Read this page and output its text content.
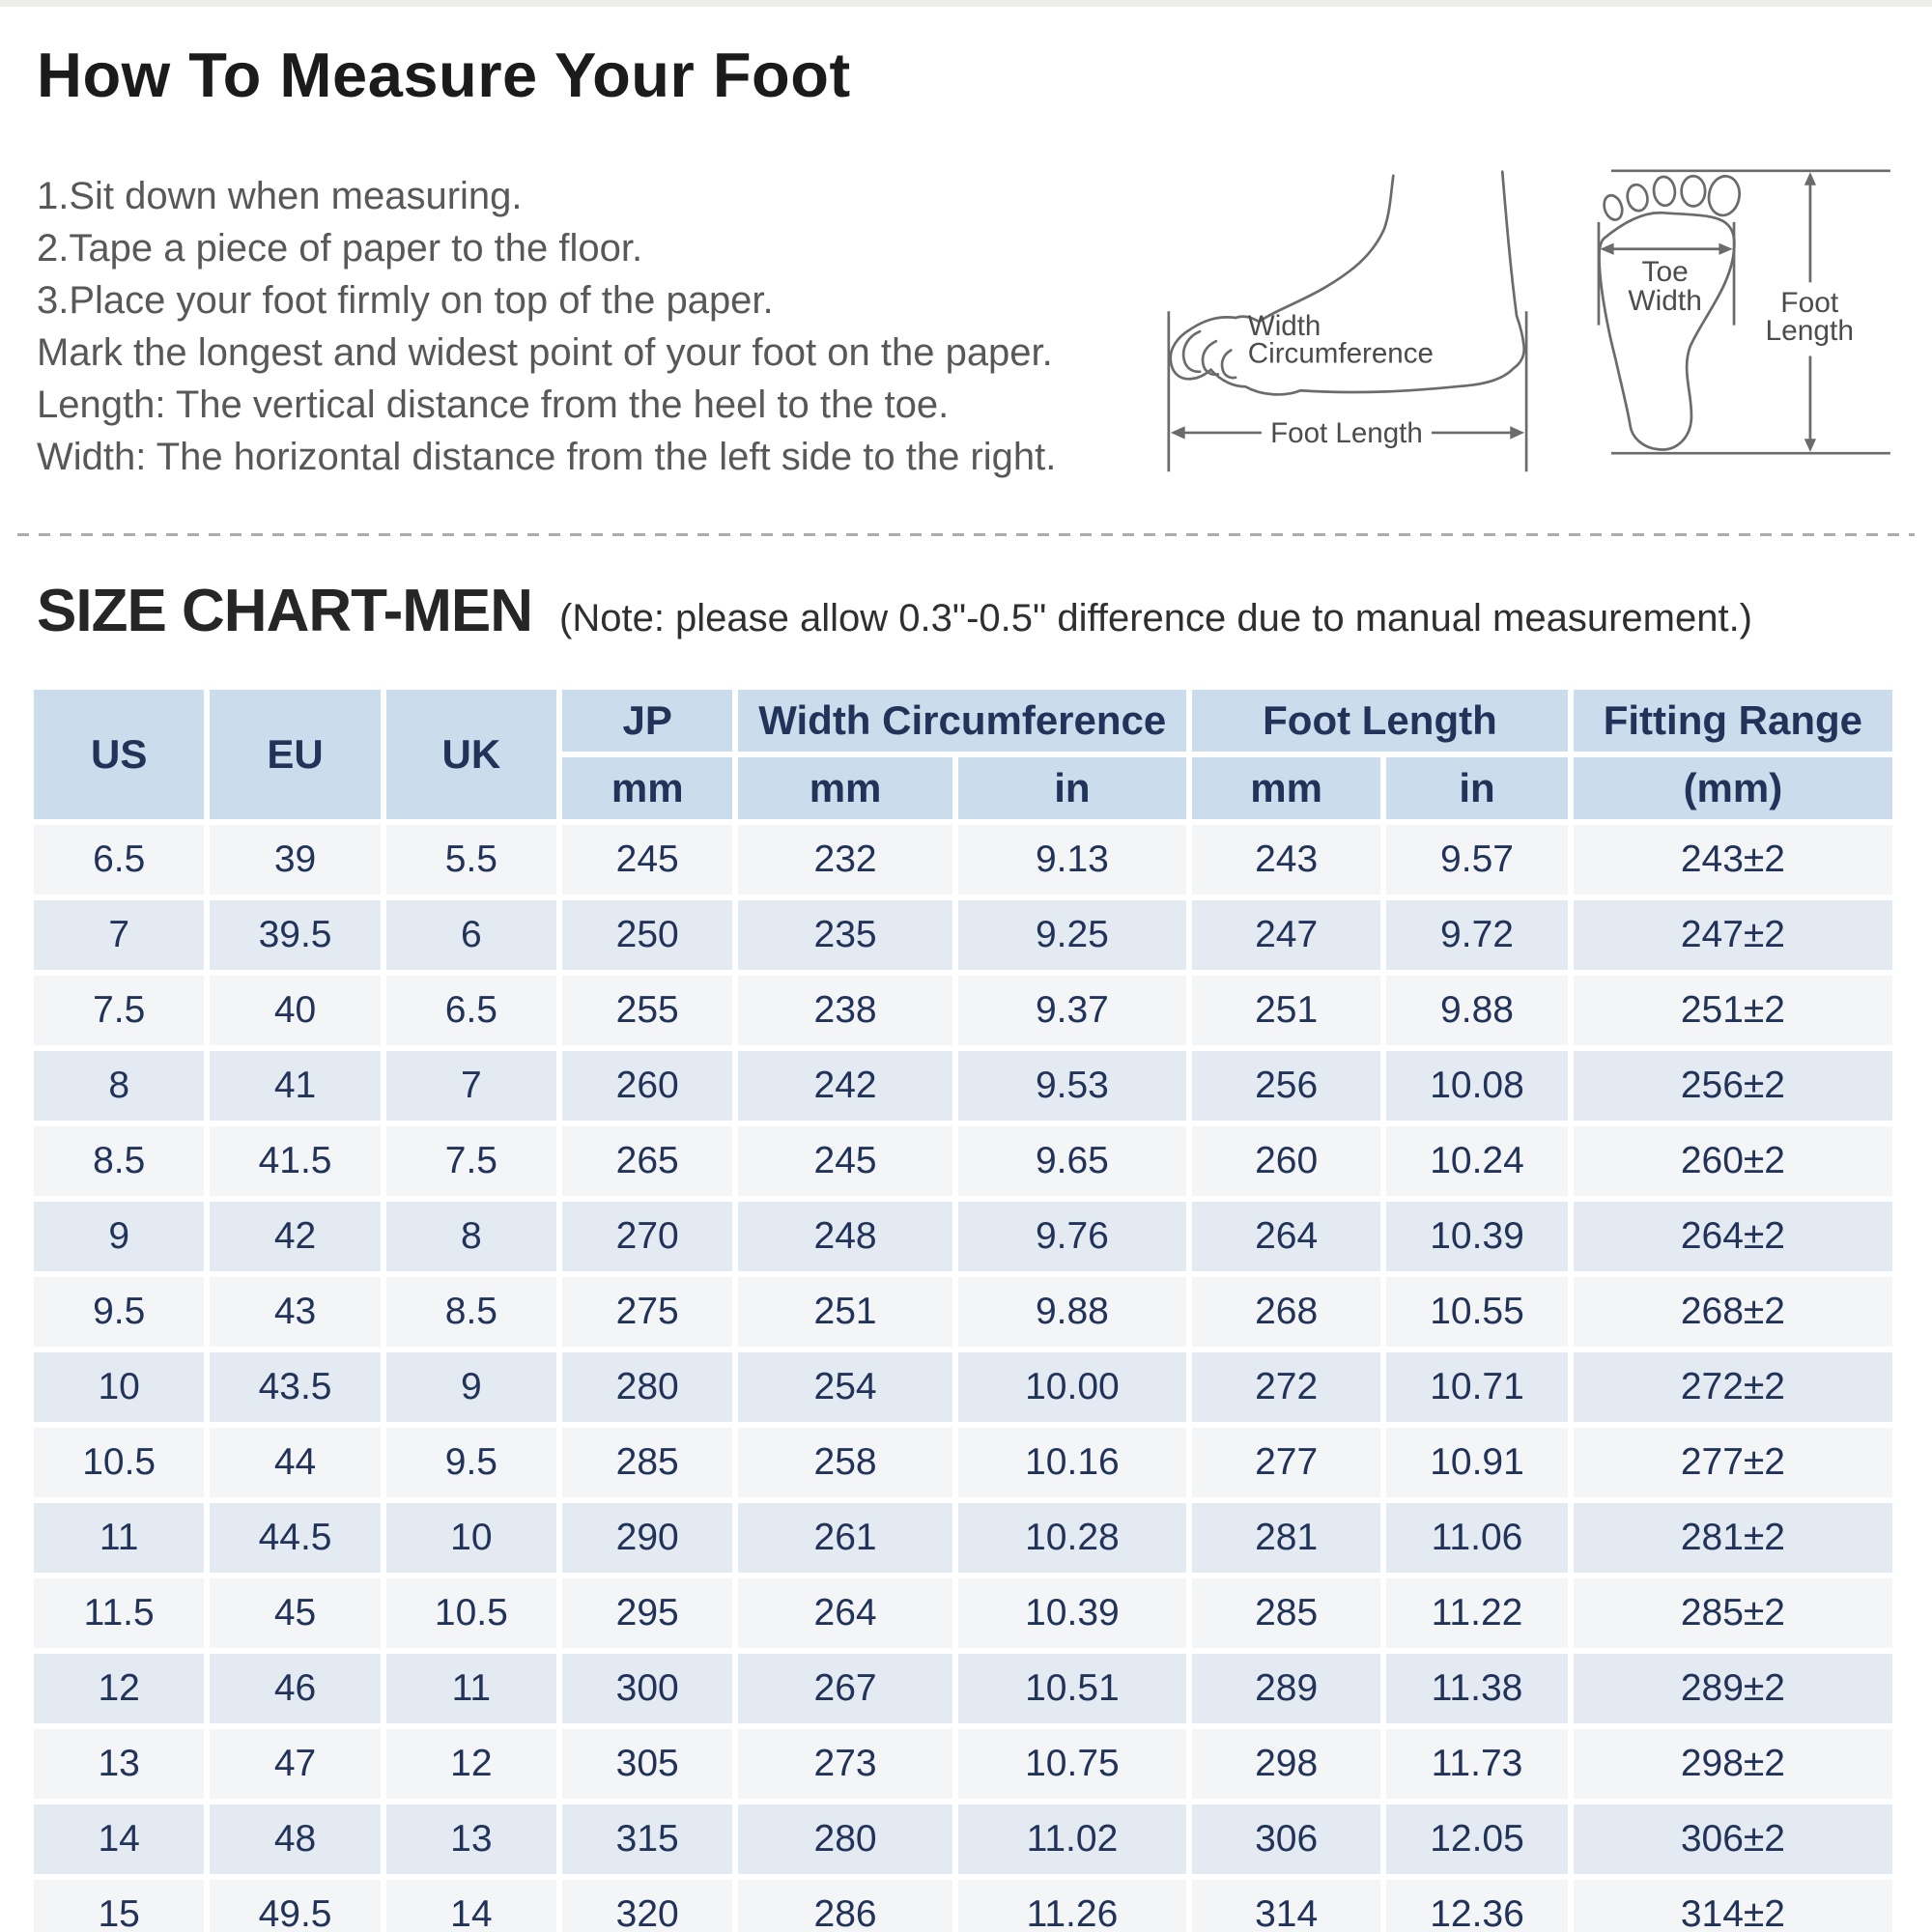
How To Measure Your Foot
1.Sit down when measuring.
2.Tape a piece of paper to the floor.
3.Place your foot firmly on top of the paper.
Mark the longest and widest point of your foot on the paper.
Length: The vertical distance from the heel to the toe.
Width: The horizontal distance from the left side to the right.
Foot Length
Width
Circumference
Toe
Width Foot
Length
SIZE CHART-MEN (Note: please allow 0.3"-0.5" difference due to manual measurement.)
US	EU	UK	JP	Width Circumference		Foot Length		Fitting Range
			mm	mm	in	mm	in	(mm)
6.5	39	5.5	245	232	9.13	243	9.57	243±2
7	39.5	6	250	235	9.25	247	9.72	247±2
7.5	40	6.5	255	238	9.37	251	9.88	251±2
8	41	7	260	242	9.53	256	10.08	256±2
8.5	41.5	7.5	265	245	9.65	260	10.24	260±2
9	42	8	270	248	9.76	264	10.39	264±2
9.5	43	8.5	275	251	9.88	268	10.55	268±2
10	43.5	9	280	254	10.00	272	10.71	272±2
10.5	44	9.5	285	258	10.16	277	10.91	277±2
11	44.5	10	290	261	10.28	281	11.06	281±2
11.5	45	10.5	295	264	10.39	285	11.22	285±2
12	46	11	300	267	10.51	289	11.38	289±2
13	47	12	305	273	10.75	298	11.73	298±2
14	48	13	315	280	11.02	306	12.05	306±2
15	49.5	14	320	286	11.26	314	12.36	314±2
